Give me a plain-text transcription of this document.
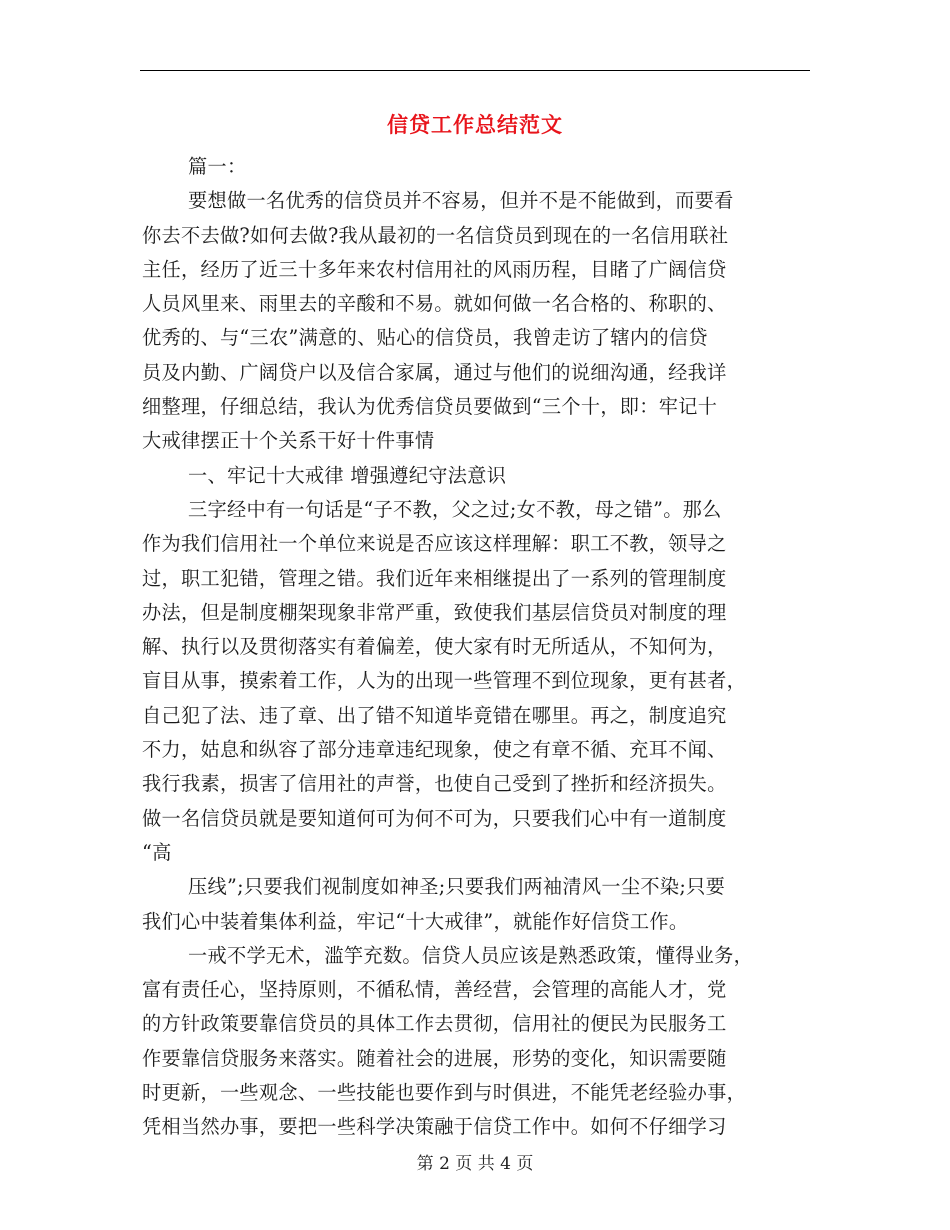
信贷工作总结范文
篇一：
要想做一名优秀的信贷员并不容易，但并不是不能做到，而要看
你去不去做?如何去做?我从最初的一名信贷员到现在的一名信用联社
主任，经历了近三十多年来农村信用社的风雨历程，目睹了广阔信贷
人员风里来、雨里去的辛酸和不易。就如何做一名合格的、称职的、
优秀的、与“三农”满意的、贴心的信贷员，我曾走访了辖内的信贷
员及内勤、广阔贷户以及信合家属，通过与他们的说细沟通，经我详
细整理，仔细总结，我认为优秀信贷员要做到“三个十，即：牢记十
大戒律摆正十个关系干好十件事情
一、牢记十大戒律 增强遵纪守法意识
三字经中有一句话是“子不教，父之过;女不教，母之错”。那么
作为我们信用社一个单位来说是否应该这样理解：职工不教，领导之
过，职工犯错，管理之错。我们近年来相继提出了一系列的管理制度
办法，但是制度棚架现象非常严重，致使我们基层信贷员对制度的理
解、执行以及贯彻落实有着偏差，使大家有时无所适从，不知何为，
盲目从事，摸索着工作，人为的出现一些管理不到位现象，更有甚者，
自己犯了法、违了章、出了错不知道毕竟错在哪里。再之，制度追究
不力，姑息和纵容了部分违章违纪现象，使之有章不循、充耳不闻、
我行我素，损害了信用社的声誉，也使自己受到了挫折和经济损失。
做一名信贷员就是要知道何可为何不可为，只要我们心中有一道制度
“高
压线”;只要我们视制度如神圣;只要我们两袖清风一尘不染;只要
我们心中装着集体利益，牢记“十大戒律”，就能作好信贷工作。
一戒不学无术，滥竽充数。信贷人员应该是熟悉政策，懂得业务，
富有责任心，坚持原则，不循私情，善经营，会管理的高能人才，党
的方针政策要靠信贷员的具体工作去贯彻，信用社的便民为民服务工
作要靠信贷服务来落实。随着社会的进展，形势的变化，知识需要随
时更新，一些观念、一些技能也要作到与时俱进，不能凭老经验办事，
凭相当然办事，要把一些科学决策融于信贷工作中。如何不仔细学习
第 2 页 共 4 页
